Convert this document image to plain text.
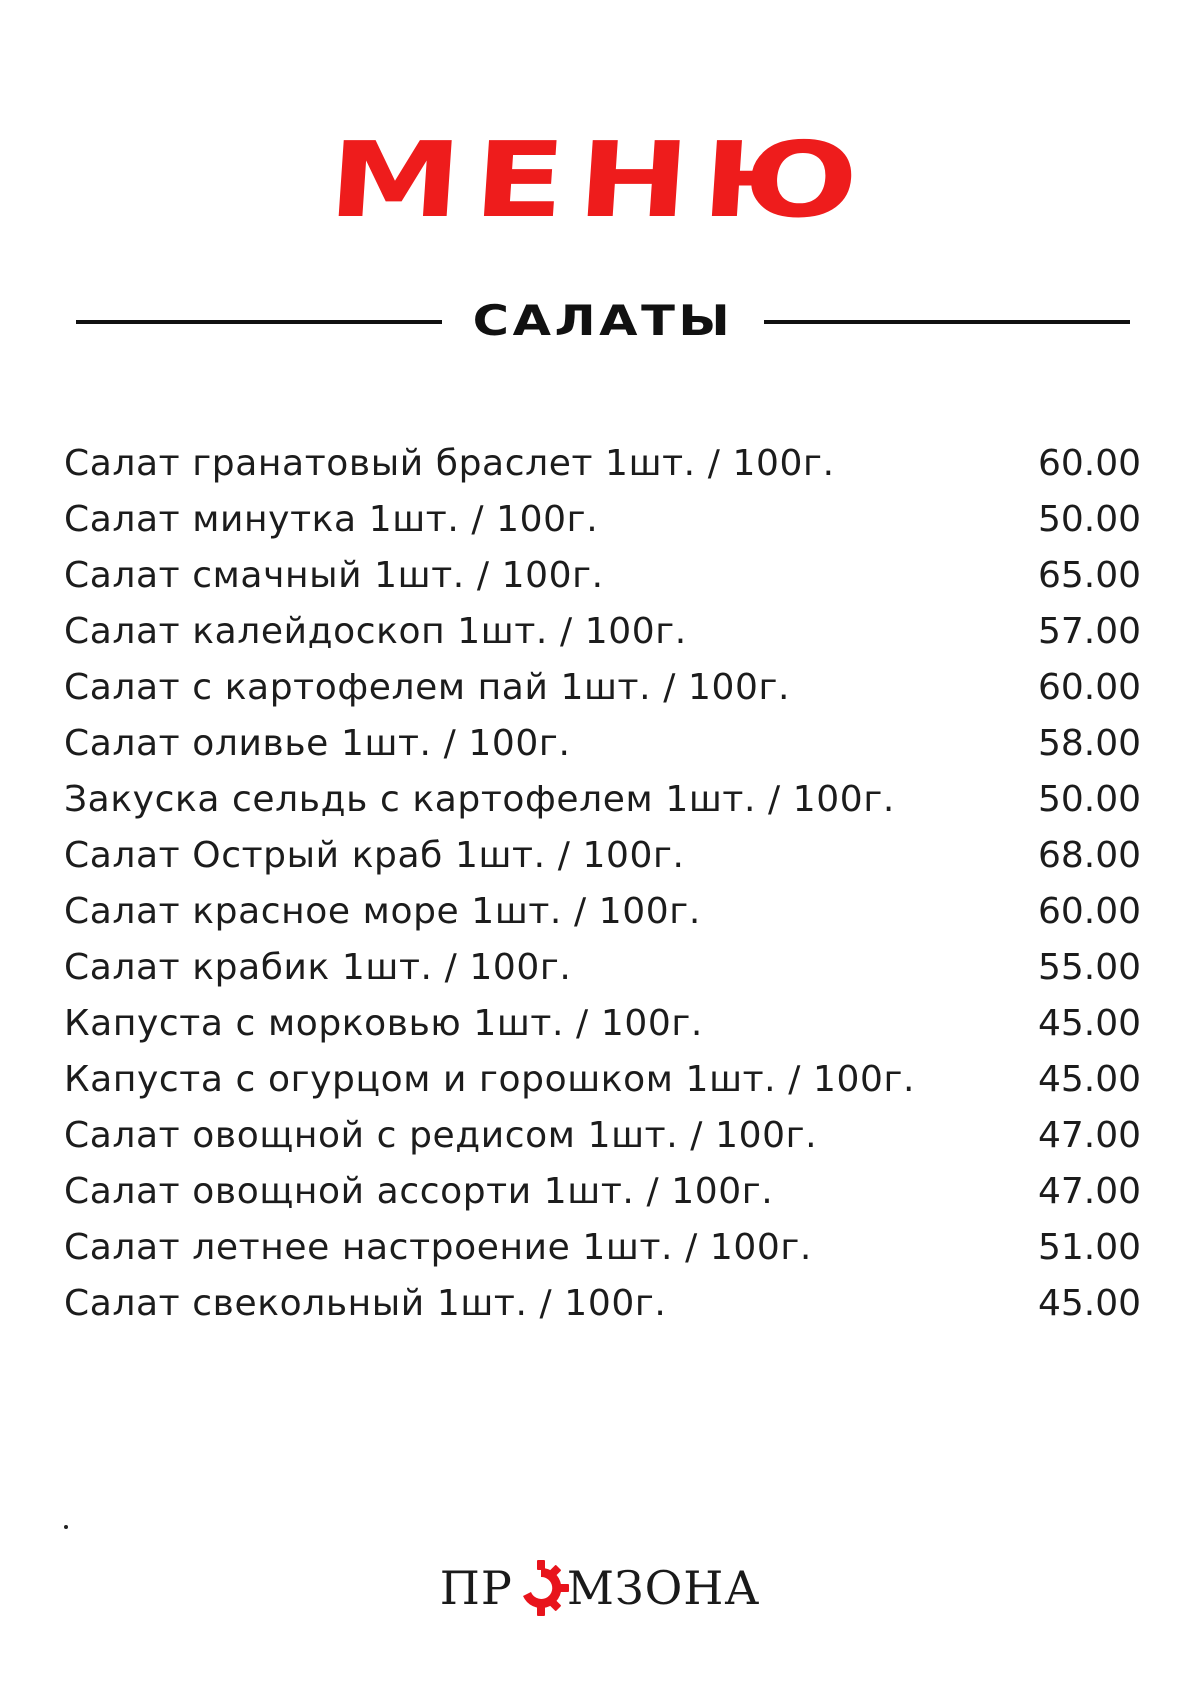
МЕНЮ
САЛАТЫ
Салат гранатовый браслет 1шт. / 100г.	60.00
Салат минутка 1шт. / 100г.	50.00
Салат смачный 1шт. / 100г.	65.00
Салат калейдоскоп 1шт. / 100г.	57.00
Салат с картофелем пай 1шт. / 100г.	60.00
Салат оливье 1шт. / 100г.	58.00
Закуска сельдь с картофелем 1шт. / 100г.	50.00
Салат Острый краб 1шт. / 100г.	68.00
Салат красное море 1шт. / 100г.	60.00
Салат крабик 1шт. / 100г.	55.00
Капуста с морковью 1шт. / 100г.	45.00
Капуста с огурцом и горошком 1шт. / 100г.	45.00
Салат овощной с редисом 1шт. / 100г.	47.00
Салат овощной ассорти 1шт. / 100г.	47.00
Салат летнее настроение 1шт. / 100г.	51.00
Салат свекольный 1шт. / 100г.	45.00
ПР МЗОНА
